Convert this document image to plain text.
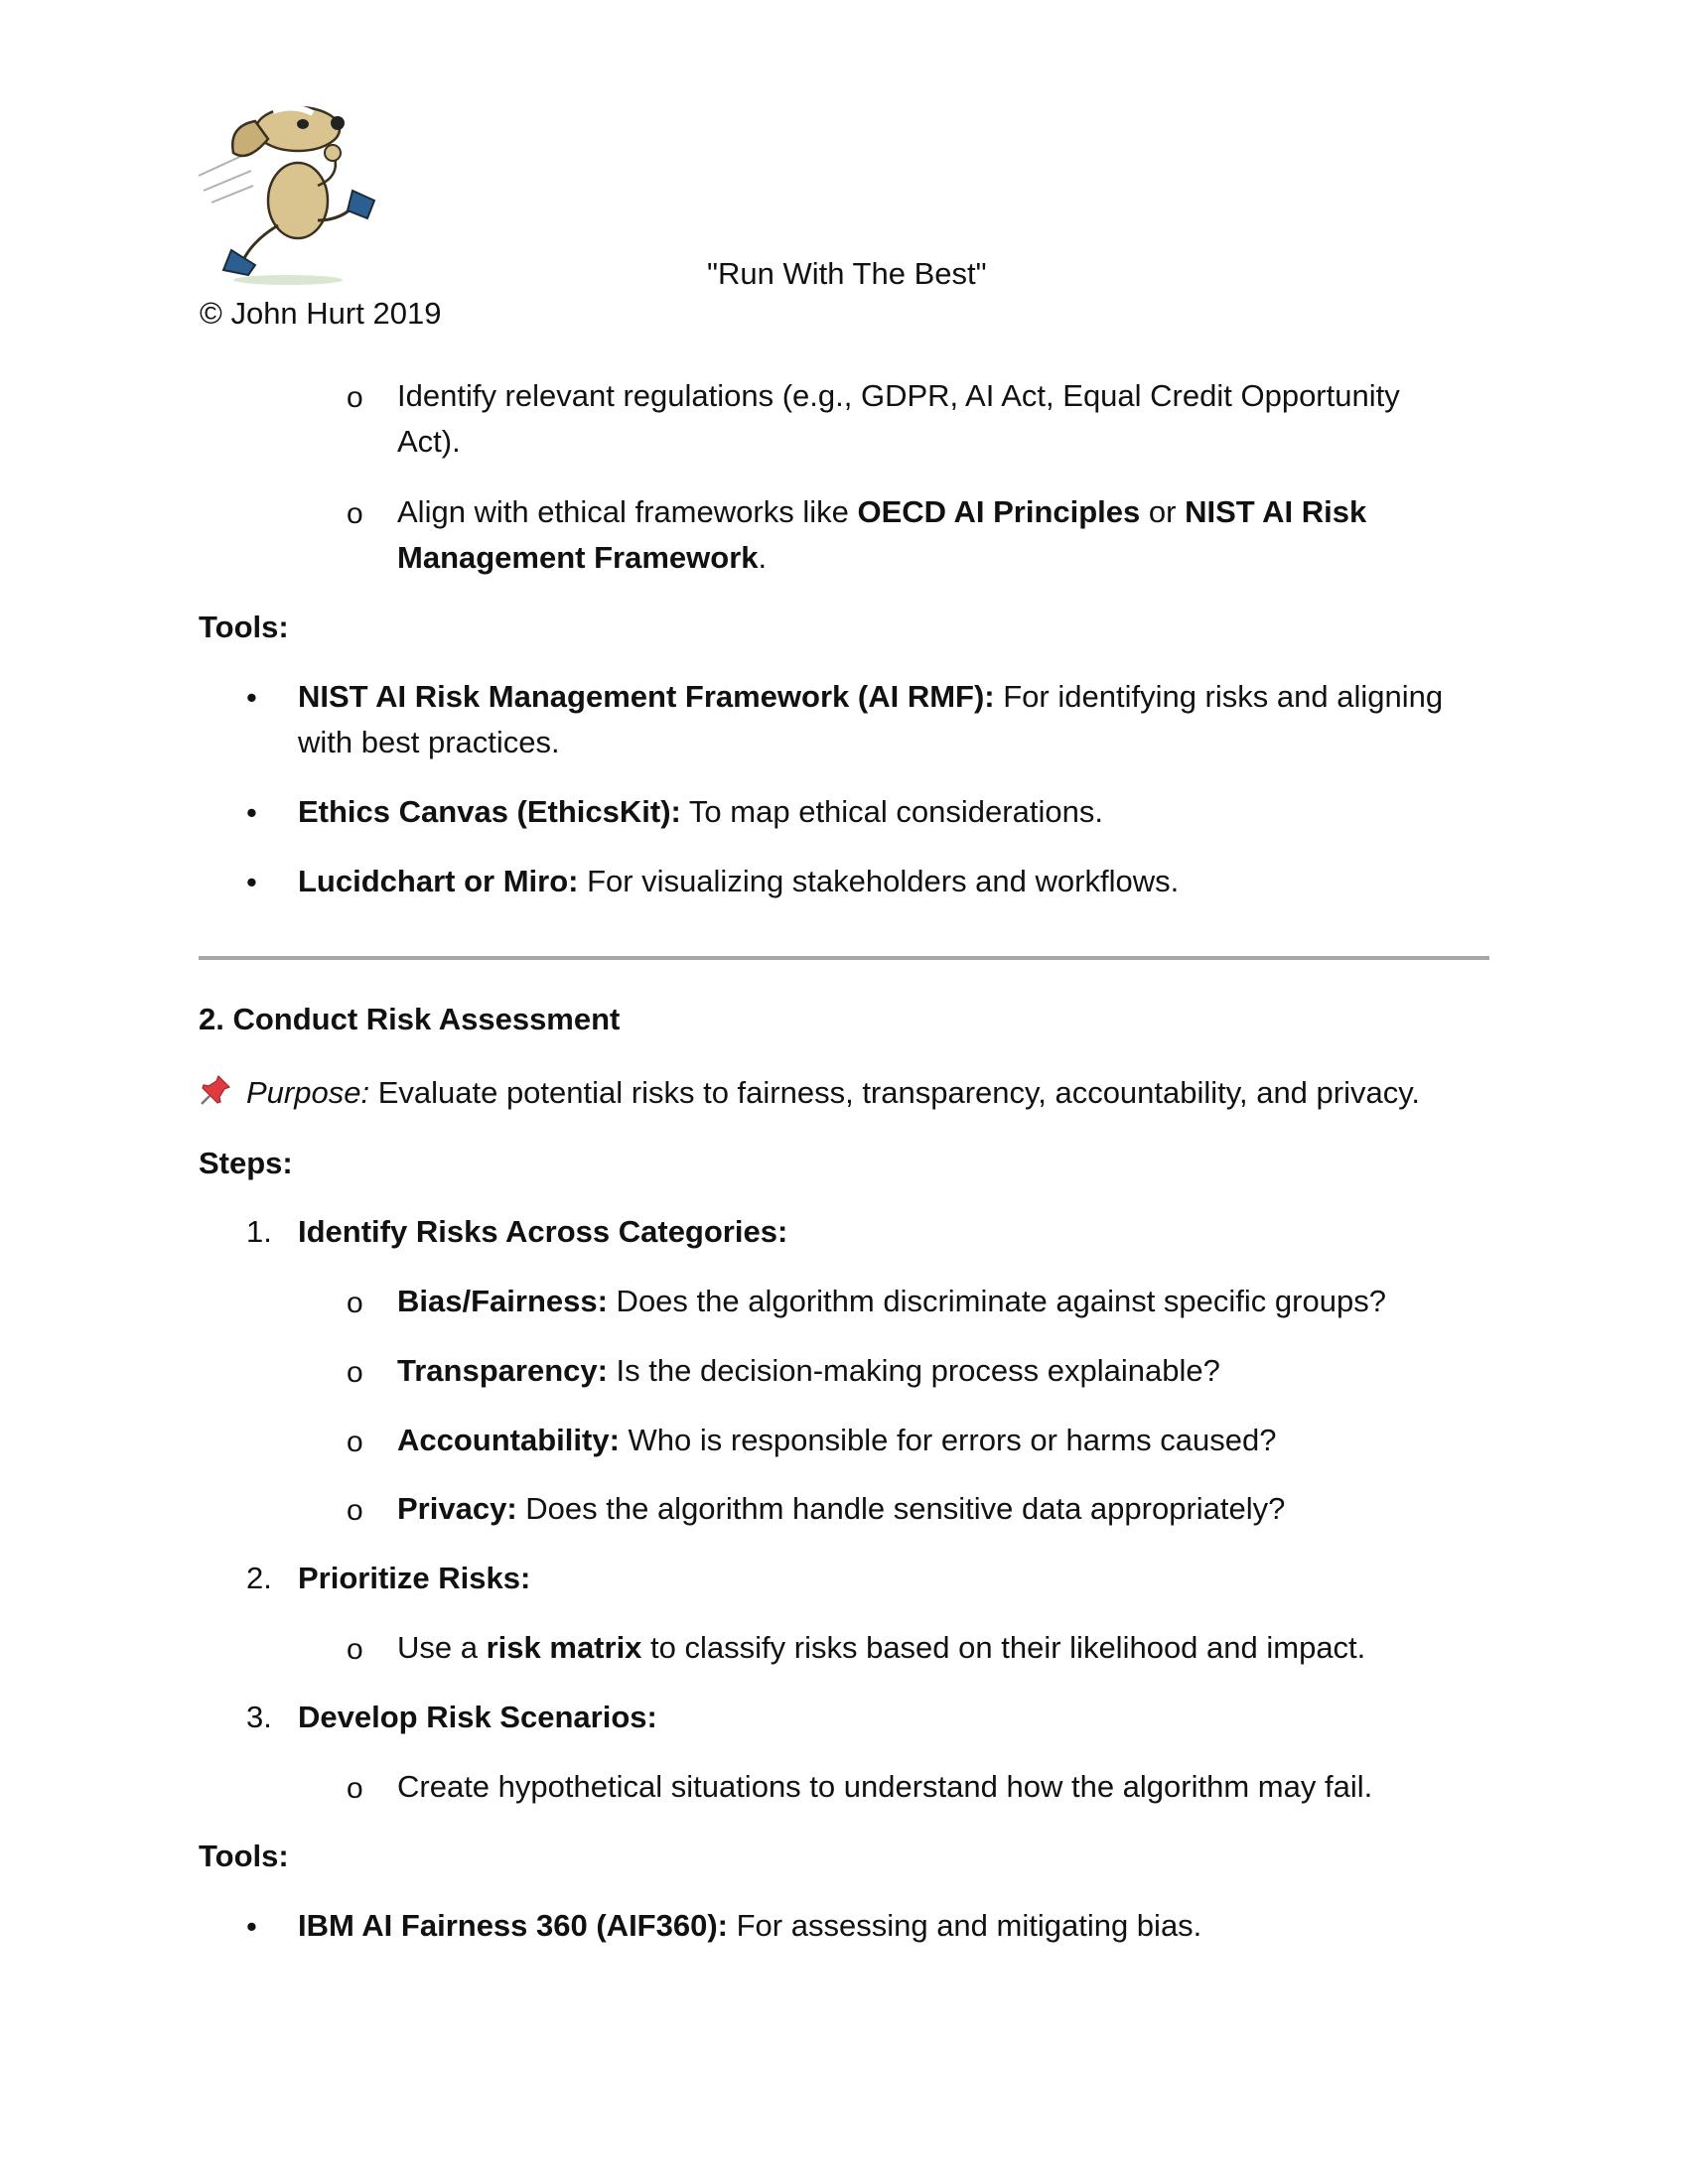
"Run With The Best"
© John Hurt 2019
o Identify relevant regulations (e.g., GDPR, AI Act, Equal Credit Opportunity
Act).
o Align with ethical frameworks like OECD AI Principles or NIST AI Risk
Management Framework.
Tools:
• NIST AI Risk Management Framework (AI RMF): For identifying risks and aligning
with best practices.
• Ethics Canvas (EthicsKit): To map ethical considerations.
• Lucidchart or Miro: For visualizing stakeholders and workflows.
2. Conduct Risk Assessment
Purpose: Evaluate potential risks to fairness, transparency, accountability, and privacy.
Steps:
1. Identify Risks Across Categories:
o Bias/Fairness: Does the algorithm discriminate against specific groups?
o Transparency: Is the decision-making process explainable?
o Accountability: Who is responsible for errors or harms caused?
o Privacy: Does the algorithm handle sensitive data appropriately?
2. Prioritize Risks:
o Use a risk matrix to classify risks based on their likelihood and impact.
3. Develop Risk Scenarios:
o Create hypothetical situations to understand how the algorithm may fail.
Tools:
• IBM AI Fairness 360 (AIF360): For assessing and mitigating bias.
